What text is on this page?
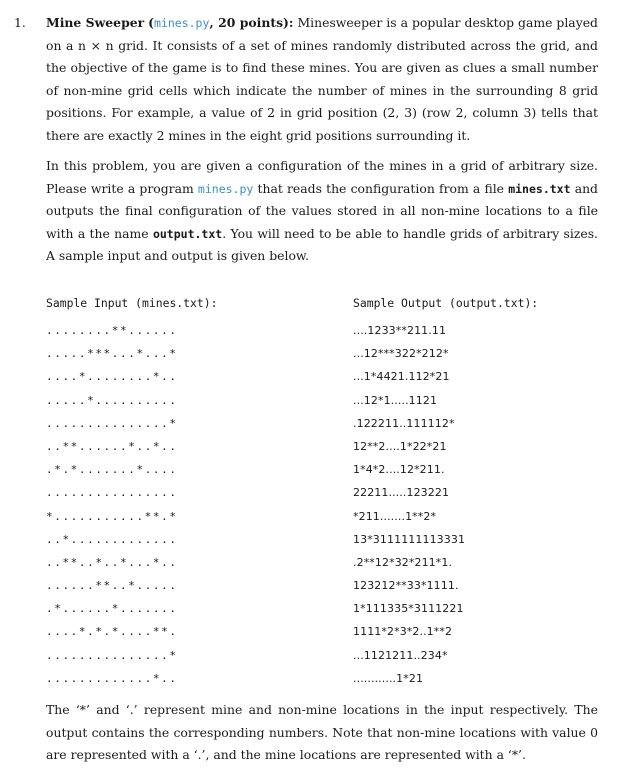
1. Mine Sweeper (mines.py, 20 points): Minesweeper is a popular desktop game played on a n × n grid. It consists of a set of mines randomly distributed across the grid, and the objective of the game is to find these mines. You are given as clues a small number of non-mine grid cells which indicate the number of mines in the surrounding 8 grid positions. For example, a value of 2 in grid position (2, 3) (row 2, column 3) tells that there are exactly 2 mines in the eight grid positions surrounding it.
In this problem, you are given a configuration of the mines in a grid of arbitrary size. Please write a program mines.py that reads the configuration from a file mines.txt and outputs the final configuration of the values stored in all non-mine locations to a file with a the name output.txt. You will need to be able to handle grids of arbitrary sizes. A sample input and output is given below.
Sample Input (mines.txt):
........**......
.....***...*...*
....*........*..
.....*..........
...............*
..**......*..*..
.*.*.......*....
................
*...........**.*
..*.............
..**..*..*...*..
......**..*.....
.*......*.......
....*.*.*....**.
...............*
.............*..
Sample Output (output.txt):
....1233**211.11
...12***322*212*
...1*4421.112*21
...12*1.....1121
.122211..111112*
12**2....1*22*21
1*4*2....12*211.
22211.....123221
*211.......1**2*
13*3111111113331
.2**12*32*211*1.
123212**33*1111.
1*111335*3111221
1111*2*3*2..1**2
...1121211..234*
............1*21
The ‘*’ and ‘.’ represent mine and non-mine locations in the input respectively. The output contains the corresponding numbers. Note that non-mine locations with value 0 are represented with a ‘.’, and the mine locations are represented with a ‘*’.
